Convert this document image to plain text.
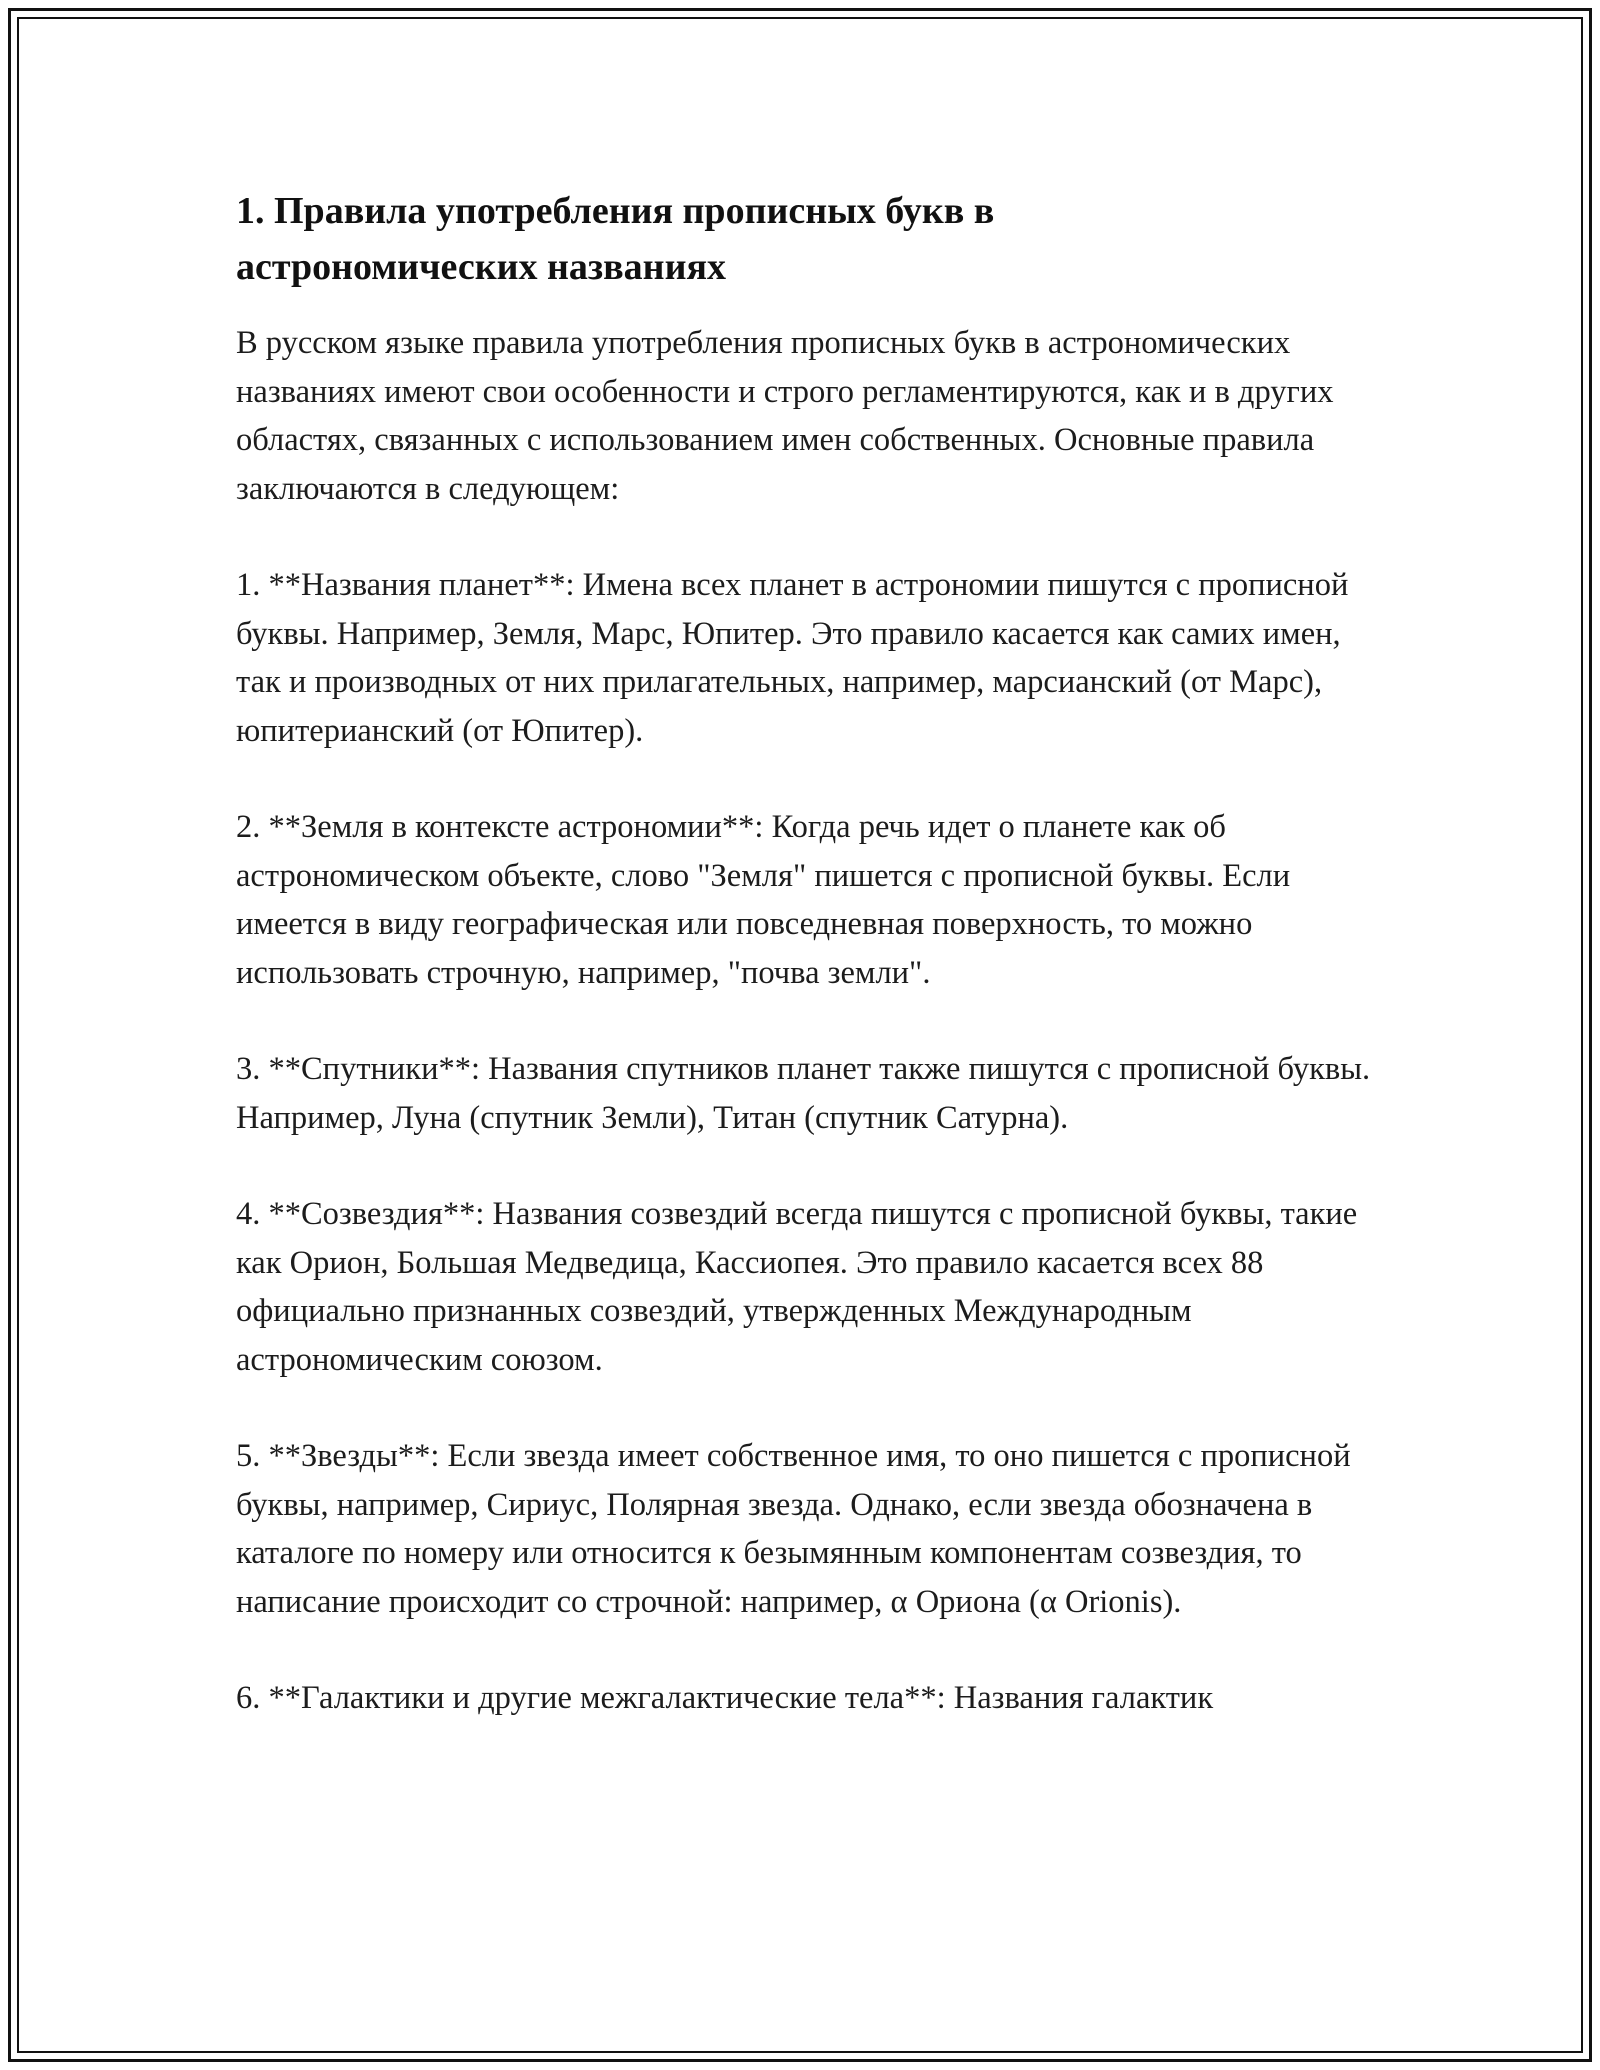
1. Правила употребления прописных букв в
астрономических названиях

В русском языке правила употребления прописных букв в астрономических названиях имеют свои особенности и строго регламентируются, как и в других областях, связанных с использованием имен собственных. Основные правила заключаются в следующем:

1. **Названия планет**: Имена всех планет в астрономии пишутся с прописной буквы. Например, Земля, Марс, Юпитер. Это правило касается как самих имен, так и производных от них прилагательных, например, марсианский (от Марс), юпитерианский (от Юпитер).

2. **Земля в контексте астрономии**: Когда речь идет о планете как об астрономическом объекте, слово "Земля" пишется с прописной буквы. Если имеется в виду географическая или повседневная поверхность, то можно использовать строчную, например, "почва земли".

3. **Спутники**: Названия спутников планет также пишутся с прописной буквы. Например, Луна (спутник Земли), Титан (спутник Сатурна).

4. **Созвездия**: Названия созвездий всегда пишутся с прописной буквы, такие как Орион, Большая Медведица, Кассиопея. Это правило касается всех 88 официально признанных созвездий, утвержденных Международным астрономическим союзом.

5. **Звезды**: Если звезда имеет собственное имя, то оно пишется с прописной буквы, например, Сириус, Полярная звезда. Однако, если звезда обозначена в каталоге по номеру или относится к безымянным компонентам созвездия, то написание происходит со строчной: например, α Ориона (α Orionis).

6. **Галактики и другие межгалактические тела**: Названия галактик
